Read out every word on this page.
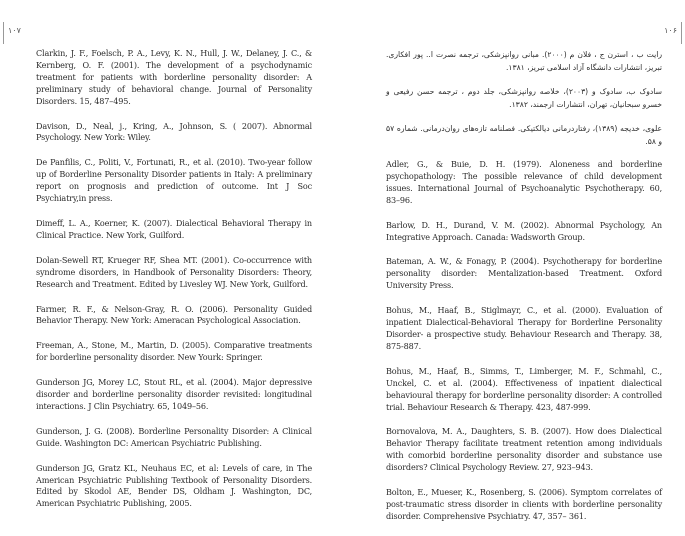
۱۰۷

Clarkin, J. F., Foelsch, P. A., Levy, K. N., Hull, J. W., Delaney, J. C., & Kernberg, O. F. (2001). The development of a psychodynamic treatment for patients with borderline personality disorder: A preliminary study of behavioral change. Journal of Personality Disorders. 15, 487–495.

Davison, D., Neal, j., Kring, A., Johnson, S. ( 2007). Abnormal Psychology. New York: Wiley.

De Panfilis, C., Politi, V., Fortunati, R., et al. (2010). Two-year follow up of Borderline Personality Disorder patients in Italy: A preliminary report on prognosis and prediction of outcome. Int J Soc Psychiatry,in press.

Dimeff, L. A., Koerner, K. (2007). Dialectical Behavioral Therapy in Clinical Practice. New York, Guilford.

Dolan-Sewell RT, Krueger RF, Shea MT. (2001). Co-occurrence with syndrome disorders, in Handbook of Personality Disorders: Theory, Research and Treatment. Edited by Livesley WJ. New York, Guilford.

Farmer, R. F., & Nelson-Gray, R. O. (2006). Personality Guided Behavior Therapy. New York: Ameracan Psychological Association.

Freeman, A., Stone, M., Martin, D. (2005). Comparative treatments for borderline personality disorder. New Yourk: Springer.

Gunderson JG, Morey LC, Stout RL, et al. (2004). Major depressive disorder and borderline personality disorder revisited: longitudinal interactions. J Clin Psychiatry. 65, 1049–56.

Gunderson, J. G. (2008). Borderline Personality Disorder: A Clinical Guide. Washington DC: American Psychiatric Publishing.

Gunderson JG, Gratz KL, Neuhaus EC, et al: Levels of care, in The American Psychiatric Publishing Textbook of Personality Disorders. Edited by Skodol AE, Bender DS, Oldham J. Washington, DC, American Psychiatric Publishing, 2005.

۱۰۶

رایت ب ، استرن ج ، فلان م (۲۰۰۰). مبانی روانپزشکی، ترجمه نصرت ا.. پور افکاری. تبریز، انتشارات دانشگاه آزاد اسلامی تبریز، ۱۳۸۱.

سادوک ب، سادوک و (۲۰۰۳)، خلاصه روانپزشکی، جلد دوم ، ترجمه حسن رفیعی و خسرو سبحانیان، تهران، انتشارات ارجمند، ۱۳۸۲.

علوی، خدیجه (۱۳۸۹)، رفتاردرمانی دیالکتیکی. فصلنامه تازه‌های روان‌درمانی. شماره ۵۷ و ۵۸.

Adler, G., & Buie, D. H. (1979). Aloneness and borderline psychopathology: The possible relevance of child development issues. International Journal of Psychoanalytic Psychotherapy. 60, 83–96.

Barlow, D. H., Durand, V. M. (2002). Abnormal Psychology, An Integrative Approach. Canada: Wadsworth Group.

Bateman, A. W., & Fonagy, P. (2004). Psychotherapy for borderline personality disorder: Mentalization-based Treatment. Oxford University Press.

Bohus, M., Haaf, B., Stiglmayr, C., et al. (2000). Evaluation of inpatient Dialectical-Behavioral Therapy for Borderline Personality Disorder- a prospective study. Behaviour Research and Therapy. 38, 875-887.

Bohus, M., Haaf, B., Simms, T., Limberger, M. F., Schmahl, C., Unckel, C. et al. (2004). Effectiveness of inpatient dialectical behavioural therapy for borderline personality disorder: A controlled trial. Behaviour Research & Therapy. 423, 487-999.

Bornovalova, M. A., Daughters, S. B. (2007). How does Dialectical Behavior Therapy facilitate treatment retention among individuals with comorbid borderline personality disorder and substance use disorders? Clinical Psychology Review. 27, 923–943.

Bolton, E., Mueser, K., Rosenberg, S. (2006). Symptom correlates of post-traumatic stress disorder in clients with borderline personality disorder. Comprehensive Psychiatry. 47, 357– 361.
